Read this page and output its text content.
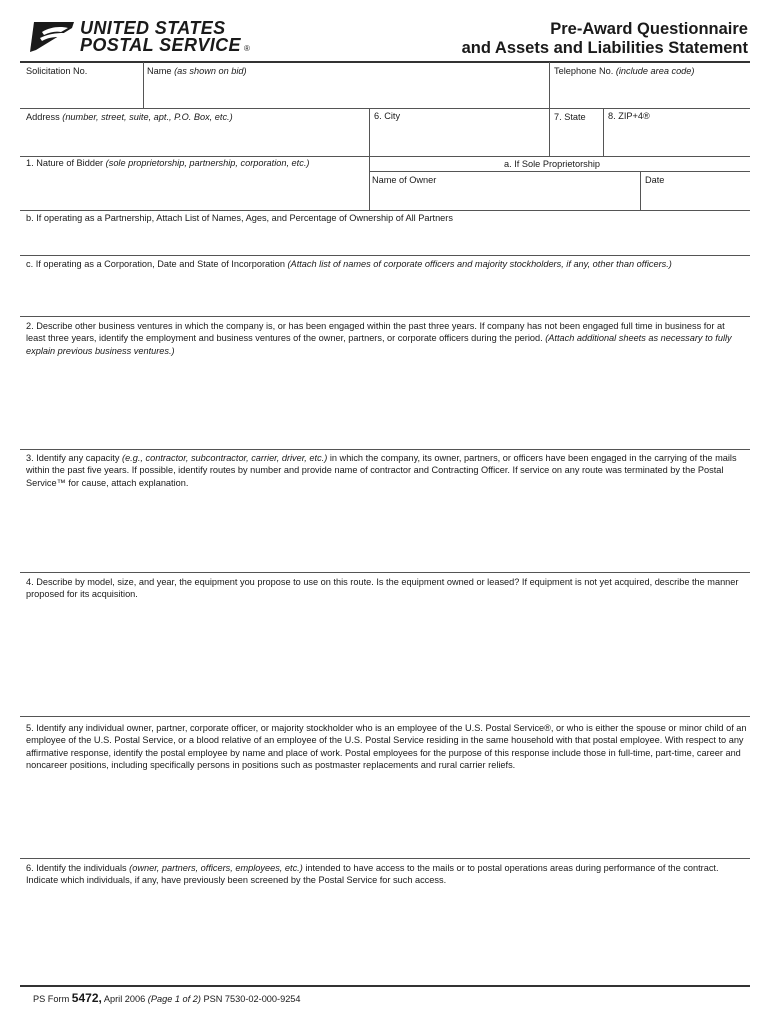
UNITED STATES
POSTAL SERVICE ®
Pre-Award Questionnaire
and Assets and Liabilities Statement
Solicitation No.	Name (as shown on bid)	Telephone No. (include area code)
Address (number, street, suite, apt., P.O. Box, etc.)	6. City	7. State 8. ZIP+4®
1. Nature of Bidder (sole proprietorship, partnership, corporation, etc.)	a. If Sole Proprietorship
Name of Owner	Date
b. If operating as a Partnership, Attach List of Names, Ages, and Percentage of Ownership of All Partners
c. If operating as a Corporation, Date and State of Incorporation (Attach list of names of corporate officers and majority stockholders, if any, other than officers.)
2. Describe other business ventures in which the company is, or has been engaged within the past three years. If company has not been engaged full time in business for at least three years, identify the employment and business ventures of the owner, partners, or corporate officers during the period. (Attach additional sheets as necessary to fully explain previous business ventures.)
3. Identify any capacity (e.g., contractor, subcontractor, carrier, driver, etc.) in which the company, its owner, partners, or officers have been engaged in the carrying of the mails within the past five years. If possible, identify routes by number and provide name of contractor and Contracting Officer. If service on any route was terminated by the Postal Service™ for cause, attach explanation.
4. Describe by model, size, and year, the equipment you propose to use on this route. Is the equipment owned or leased? If equipment is not yet acquired, describe the manner proposed for its acquisition.
5. Identify any individual owner, partner, corporate officer, or majority stockholder who is an employee of the U.S. Postal Service®, or who is either the spouse or minor child of an employee of the U.S. Postal Service, or a blood relative of an employee of the U.S. Postal Service residing in the same household with that postal employee. With respect to any affirmative response, identify the postal employee by name and place of work. Postal employees for the purpose of this response include those in full-time, part-time, career and noncareer positions, including specifically persons in positions such as postmaster replacements and rural carrier reliefs.
6. Identify the individuals (owner, partners, officers, employees, etc.) intended to have access to the mails or to postal operations areas during performance of the contract. Indicate which individuals, if any, have previously been screened by the Postal Service for such access.
PS Form 5472, April 2006 (Page 1 of 2) PSN 7530-02-000-9254
